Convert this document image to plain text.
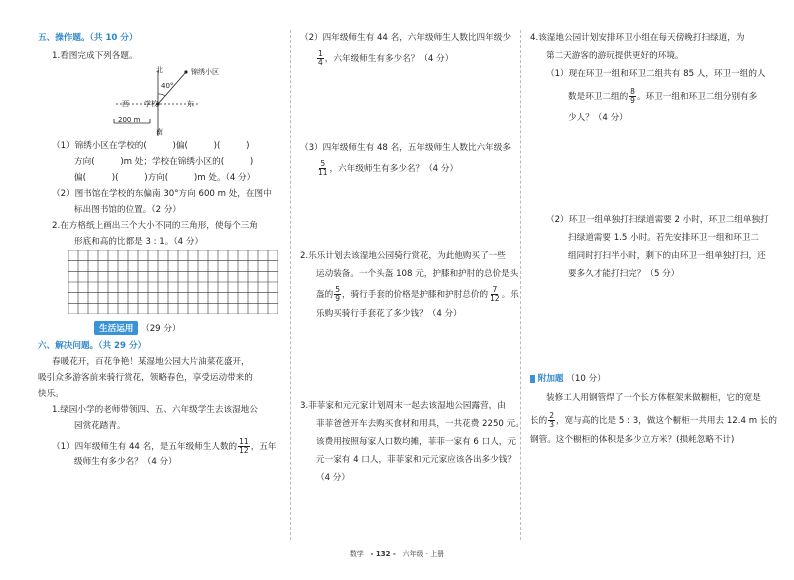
五、操作题。（共 10 分）
1.看图完成下列各题。
北	锦绣小区
40°
西 学校	东
200 m
南
（1）锦绣小区在学校的(　　　)偏(　　　)(　　　)
方向(　　　)m 处；学校在锦绣小区的(　　　)
偏(　　　)(　　　)方向(　　　)m 处。（4 分）
（2）图书馆在学校的东偏南 30°方向 600 m 处，在图中
标出图书馆的位置。（2 分）
2.在方格纸上画出三个大小不同的三角形，使每个三角
形底和高的比都是 3 : 1。（4 分）
生活运用 （29 分）
六、解决问题。（共 29 分）
春暖花开，百花争艳！某湿地公园大片油菜花盛开，
吸引众多游客前来骑行赏花，领略春色，享受运动带来的
快乐。
1.绿园小学的老师带领四、五、六年级学生去该湿地公
园赏花踏青。
（1）四年级师生有 44 名，是五年级师生人数的 $\frac{11}{12}$ ，五年
级师生有多少名？（4 分）
（2）四年级师生有 44 名，六年级师生人数比四年级少
$\frac{1}{4}$ ，六年级师生有多少名？（4 分）
（3）四年级师生有 48 名，五年级师生人数比六年级多
$\frac{5}{11}$ ，六年级师生有多少名？（4 分）
2.乐乐计划去该湿地公园骑行赏花，为此他购买了一些
运动装备。一个头盔 108 元，护膝和护肘的总价是头
盔的 $\frac{5}{9}$ ，骑行手套的价格是护膝和护肘总价的 $\frac{7}{12}$ 。乐
乐购买骑行手套花了多少钱？（4 分）
3.菲菲家和元元家计划周末一起去该湿地公园露营，由
菲菲爸爸开车去购买食材和用具，一共花费 2250 元。
该费用按照每家人口数均摊，菲菲一家有 6 口人，元
元一家有 4 口人，菲菲家和元元家应该各出多少钱？
（4 分）
4.该湿地公园计划安排环卫小组在每天傍晚打扫绿道，为
第二天游客的游玩提供更好的环境。
（1）现在环卫一组和环卫二组共有 85 人，环卫一组的人
数是环卫二组的 $\frac{8}{9}$ 。环卫一组和环卫二组分别有多
少人？（4 分）
（2）环卫一组单独打扫绿道需要 2 小时，环卫二组单独打
扫绿道需要 1.5 小时。若先安排环卫一组和环卫二
组同时打扫半小时，剩下的由环卫一组单独打扫，还
要多久才能打扫完？（5 分）
附加题 （10 分）
装修工人用钢管焊了一个长方体框架来做橱柜，它的宽是
长的 $\frac{2}{3}$ ，宽与高的比是 5 : 3，做这个橱柜一共用去 12.4 m 长的
钢管。这个橱柜的体积是多少立方米？(损耗忽略不计)
数学 - 132 - 六年级 · 上册
